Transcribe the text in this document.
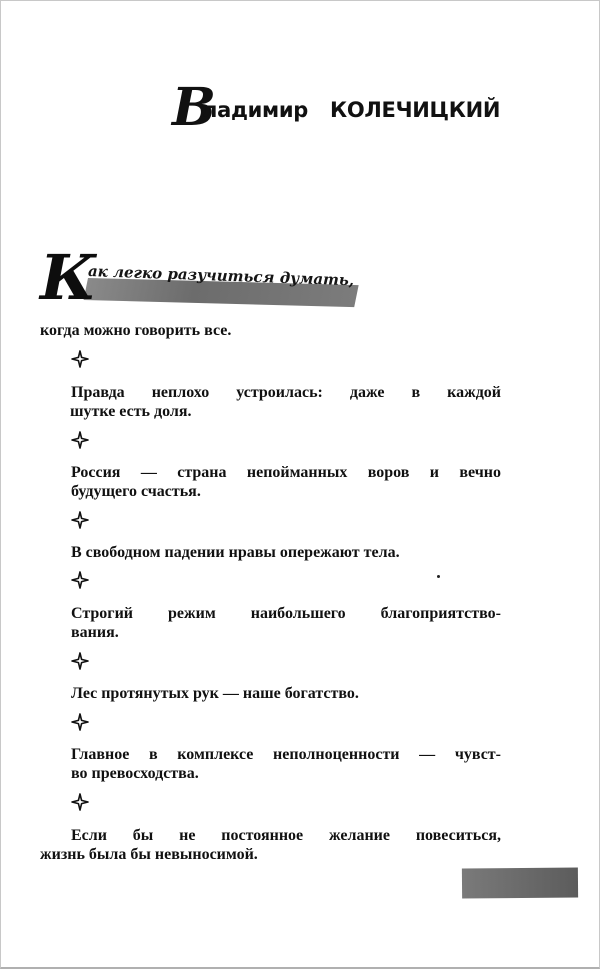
В
ладимир КОЛЕЧИЦКИЙ
ак легко разучиться думать,
К
когда можно говорить все.
Правда неплохо устроилась: даже в каждой
шутке есть доля.
Россия — страна непойманных воров и вечно
будущего счастья.
В свободном падении нравы опережают тела.
Строгий режим наибольшего благоприятство-
вания.
Лес протянутых рук — наше богатство.
Главное в комплексе неполноценности — чувст-
во превосходства.
Если бы не постоянное желание повеситься,
жизнь была бы невыносимой.
